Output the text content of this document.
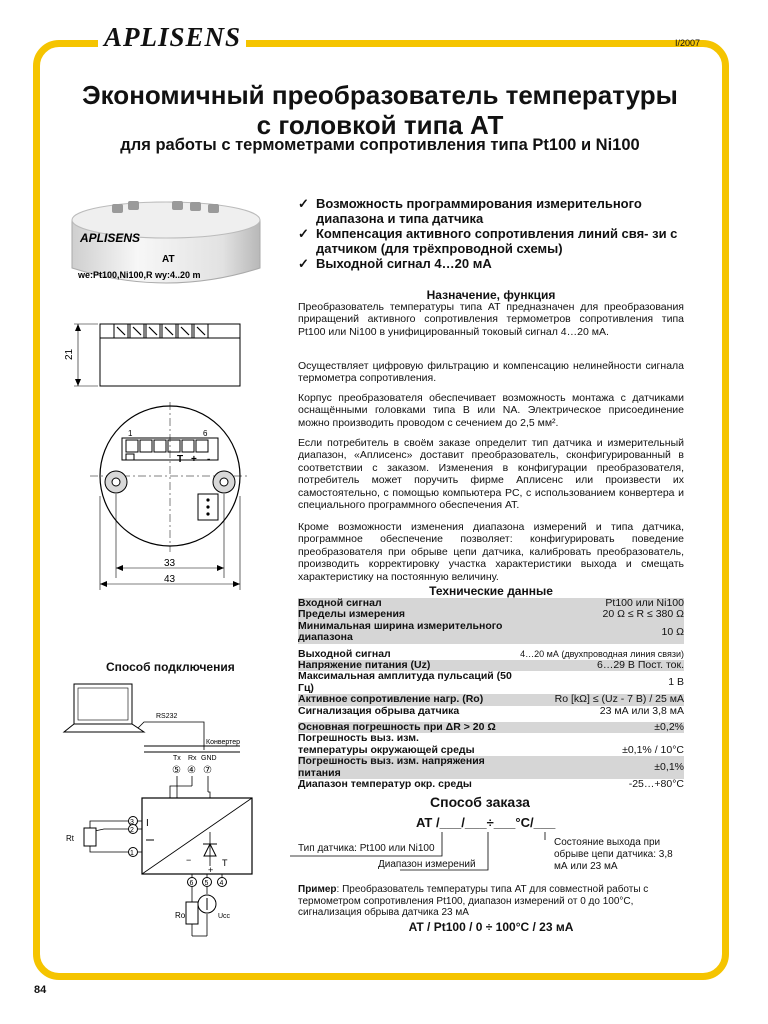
APLISENS	I/2007
Экономичный преобразователь температуры
с головкой типа АТ
для работы с термометрами сопротивления типа Pt100 и Ni100
APLISENS
AT
we:Pt100,Ni100,R wy:4..20 m
21
1	6
T + -
33
43
✓ Возможность программирования измерительного диапазона и типа датчика
✓ Компенсация активного сопротивления линий свя- зи с датчиком (для трёхпроводной схемы)
✓ Выходной сигнал 4…20 мА
Назначение, функция

Преобразователь температуры типа АТ предназначен для преобразования приращений активного сопротивления термометров сопротивления типа Pt100 или Ni100 в унифицированный токовый сигнал 4…20 мА.

Осуществляет цифровую фильтрацию и компенсацию нелинейности сигнала термометра сопротивления.

Корпус преобразователя обеспечивает возможность монтажа с датчиками оснащёнными головками типа B или NA. Электрическое присоединение можно производить проводом с сечением до 2,5 мм².

Если потребитель в своём заказе определит тип датчика и измерительный диапазон, «Аплисенс» доставит преобразователь, сконфигурированный в соответствии с заказом. Изменения в конфигурации преобразователя, потребитель может поручить фирме Аплисенс или произвести их самостоятельно, с помощью компьютера PC, с использованием конвертера и специального программного обеспечения АТ.

Кроме возможности изменения диапазона измерений и типа датчика, программное обеспечение позволяет: конфигурировать поведение преобразователя при обрыве цепи датчика, калибровать преобразователь, производить корректировку участка характеристики выхода и смещать характеристику на постоянную величину.

Технические данные
Входной сигнал	Pt100 или Ni100
Пределы измерения	20 Ω ≤ R ≤ 380 Ω
Минимальная ширина измерительного диапазона	10 Ω

Выходной сигнал	4…20 мА (двухпроводная линия связи)
Напряжение питания (Uz)	6…29 В Пост. ток.
Максимальная амплитуда пульсаций (50 Гц)	1 В
Активное сопротивление нагр. (Ro)	Ro [kΩ] ≤ (Uz - 7 В) / 25 мА
Сигнализация обрыва датчика	23 мА или 3,8 мА

Основная погрешность при ΔR > 20 Ω	±0,2%
Погрешность выз. изм.	
температуры окружающей среды	±0,1% / 10°C
Погрешность выз. изм. напряжения питания	±0,1%
Диапазон температур окр. среды	-25…+80°C
Способ подключения
RS232
Конвертер
Tx Rx GND
⑤ ④ ⑦
I
3
2
1
Rt
−
+
T
6 5 4
Ro	Ucc
Способ заказа
AT /___/___÷___°C/___
Тип датчика: Pt100 или Ni100
Диапазон измерений
Состояние выхода при обрыве цепи датчика: 3,8 мА или 23 мА

Пример: Преобразователь температуры типа АТ для совместной работы с термометром сопротивления Pt100, диапазон измерений от 0 до 100°C, сигнализация обрыва датчика 23 мА

AT / Pt100 / 0 ÷ 100°C / 23 мА
84
